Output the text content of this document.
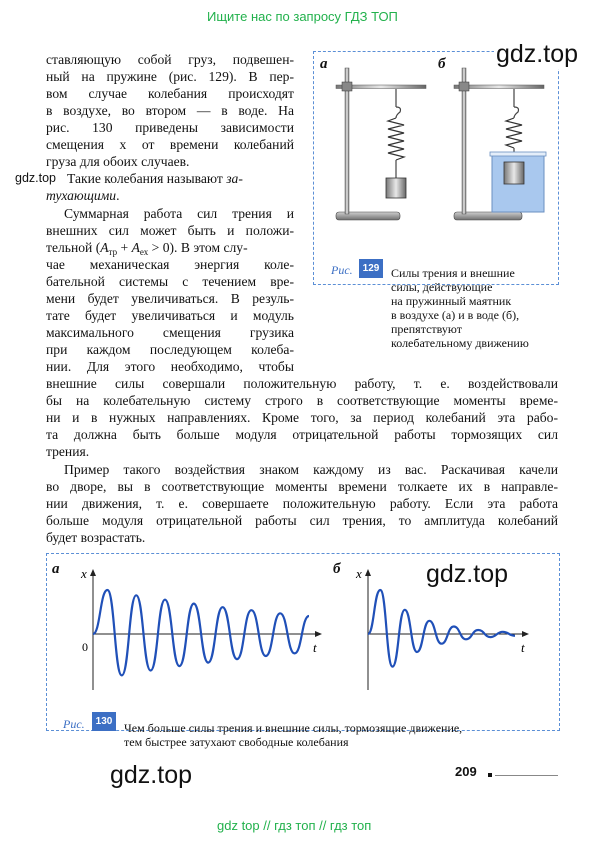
Ищите нас по запросу ГДЗ ТОП
ставляющую собой груз, подвешен-
ный на пружине (рис. 129). В пер-
вом случае колебания происходят
в воздухе, во втором — в воде. На
рис. 130 приведены зависимости
смещения x от времени колебаний
груза для обоих случаев.
gdz.top Такие колебания называют за-
тухающими.
Суммарная работа сил трения и
внешних сил может быть и положи-
тельной $(A_{тр} + A_{ех} > 0)$. В этом слу-
чае механическая энергия коле-
бательной системы с течением вре-
мени будет увеличиваться. В резуль-
тате будет увеличиваться и модуль
максимального смещения грузика
при каждом последующем колеба-
нии. Для этого необходимо, чтобы
внешние силы совершали положительную работу, т. е. воздействовали
бы на колебательную систему строго в соответствующие моменты време-
ни и в нужных направлениях. Кроме того, за период колебаний эта рабо-
та должна быть больше модуля отрицательной работы тормозящих сил
трения.
Пример такого воздействия знаком каждому из вас. Раскачивая качели
во дворе, вы в соответствующие моменты времени толкаете их в направле-
нии движения, т. е. совершаете положительную работу. Если эта работа
больше модуля отрицательной работы сил трения, то амплитуда колебаний
будет возрастать.
gdz.top
а	б
Рис.	129 Силы трения и внешние
силы, действующие
на пружинный маятник
в воздухе (а) и в воде (б),
препятствуют
колебательному движению
а	б	gdz.top
x
t
0
x
t
Рис.	130 Чем больше силы трения и внешние силы, тормозящие движение,
тем быстрее затухают свободные колебания
gdz.top	209
gdz top // гдз топ // гдз топ
